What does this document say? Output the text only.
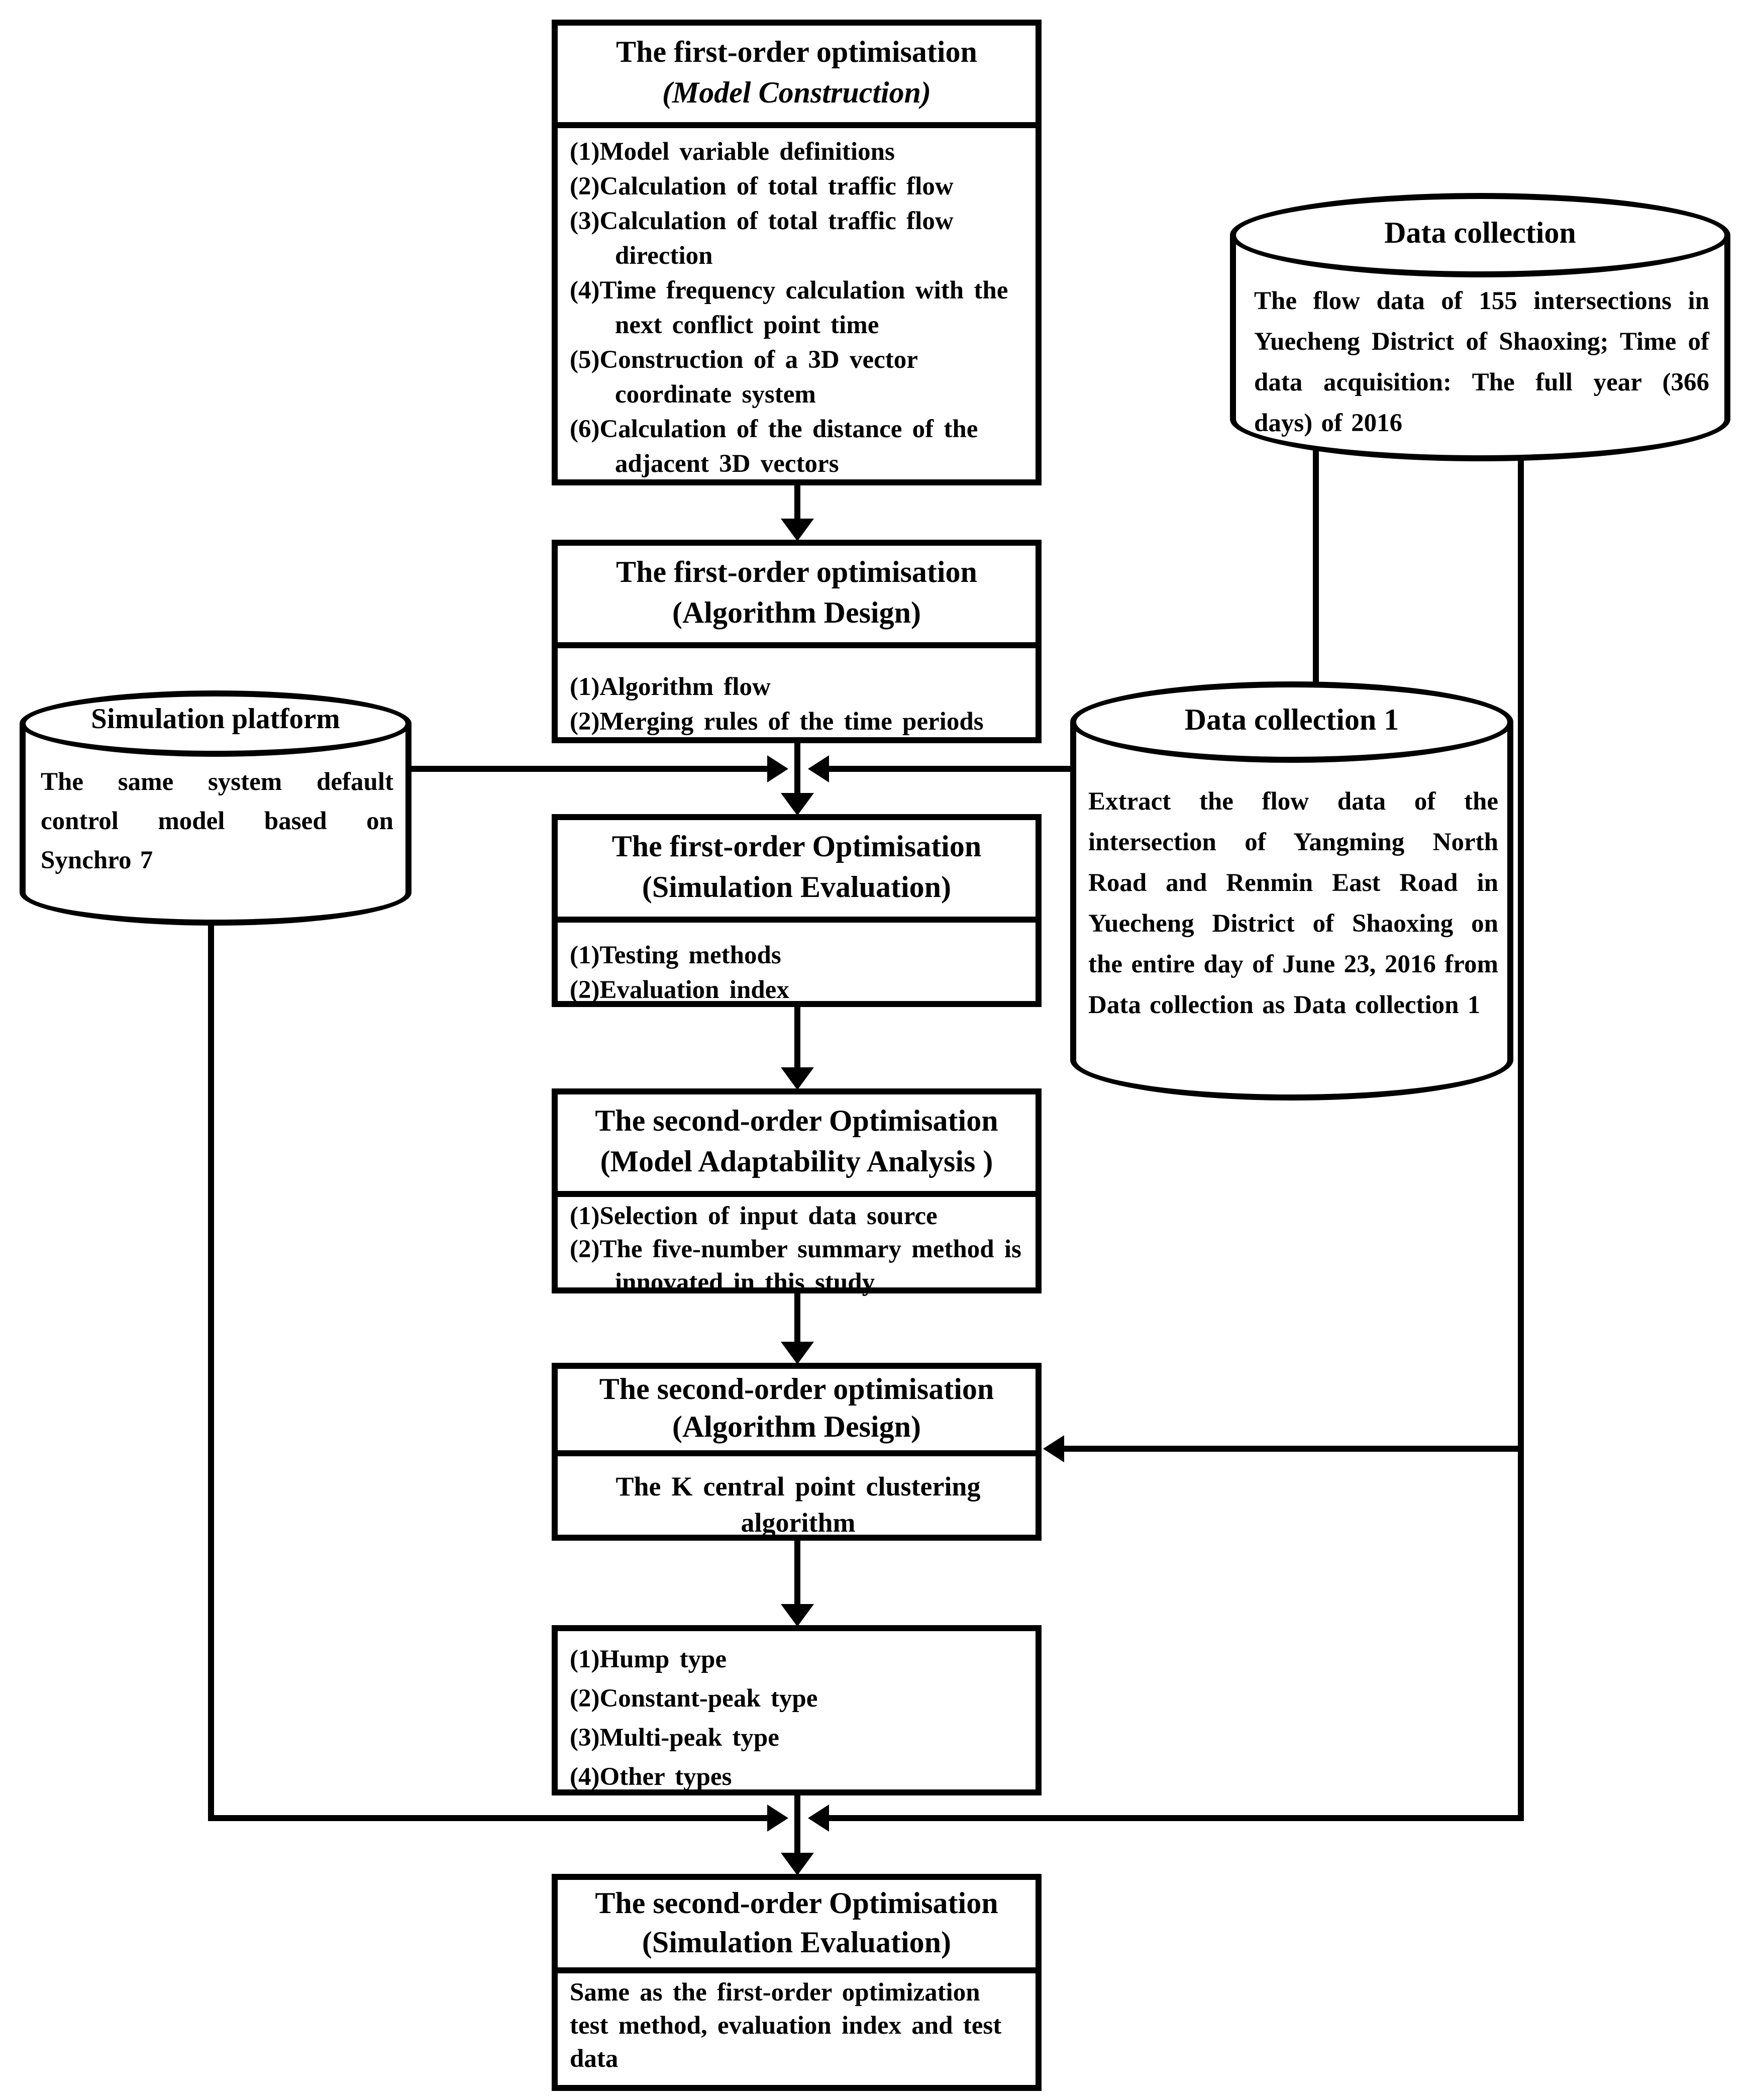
The first-order optimisation
(Model Construction)
(1)Model variable definitions
(2)Calculation of total traffic flow
(3)Calculation of total traffic flow direction
(4)Time frequency calculation with the next conflict point time
(5)Construction of a 3D vector coordinate system
(6)Calculation of the distance of the adjacent 3D vectors
The first-order optimisation
(Algorithm Design)
(1)Algorithm flow
(2)Merging rules of the time periods
The first-order Optimisation
(Simulation Evaluation)
(1)Testing methods
(2)Evaluation index
The second-order Optimisation
(Model Adaptability Analysis )
(1)Selection of input data source
(2)The five-number summary method is innovated in this study
The second-order optimisation
(Algorithm Design)
The K central point clustering algorithm
(1)Hump type
(2)Constant-peak type
(3)Multi-peak type
(4)Other types
The second-order Optimisation
(Simulation Evaluation)
Same as the first-order optimization test method, evaluation index and test data
Simulation platform
The same system default control model based on Synchro 7
Data collection
The flow data of 155 intersections in Yuecheng District of Shaoxing; Time of data acquisition: The full year (366 days) of 2016
Data collection 1
Extract the flow data of the intersection of Yangming North Road and Renmin East Road in Yuecheng District of Shaoxing on the entire day of June 23, 2016 from Data collection as Data collection 1
